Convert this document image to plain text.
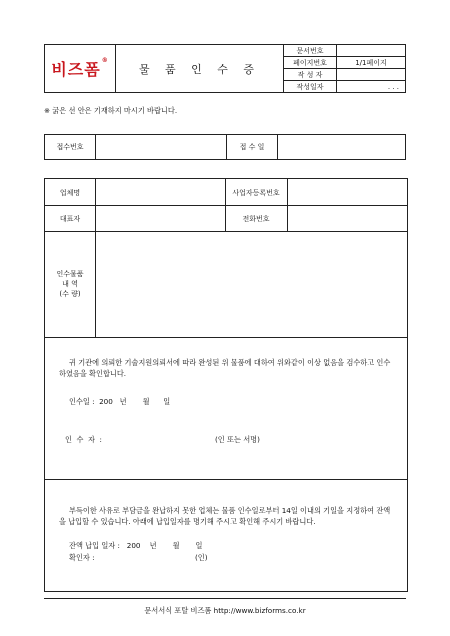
비즈폼®	물 품 인 수 증	문서번호	
		페이지번호	1/1페이지
		작 성 자	
		작성일자	. . .
※ 굵은 선 안은 기재하지 마시기 바랍니다.
접수번호		접 수 일	
업체명	사업자등록번호
대표자	전화번호
인수물품
내 역
(수 량)
귀 기관에 의뢰한 기술지원의뢰서에 따라 완성된 위 물품에 대하여 위와같이 이상 없음을 검수하고 인수하였음을 확인합니다.
인수일 :  200   년       월      일
인  수  자  :	(인 또는 서명)
부득이한 사유로 부담금을 완납하지 못한 업체는 물품 인수일로부터 14일 이내의 기일을 지정하여 잔액을 납입할 수 있습니다. 아래에 납입일자를 명기해 주시고 확인해 주시기 바랍니다.
잔액 납입 일자 :   200    년       월       일
확인자 :	(인)
문서서식 포탈 비즈폼 http://www.bizforms.co.kr
